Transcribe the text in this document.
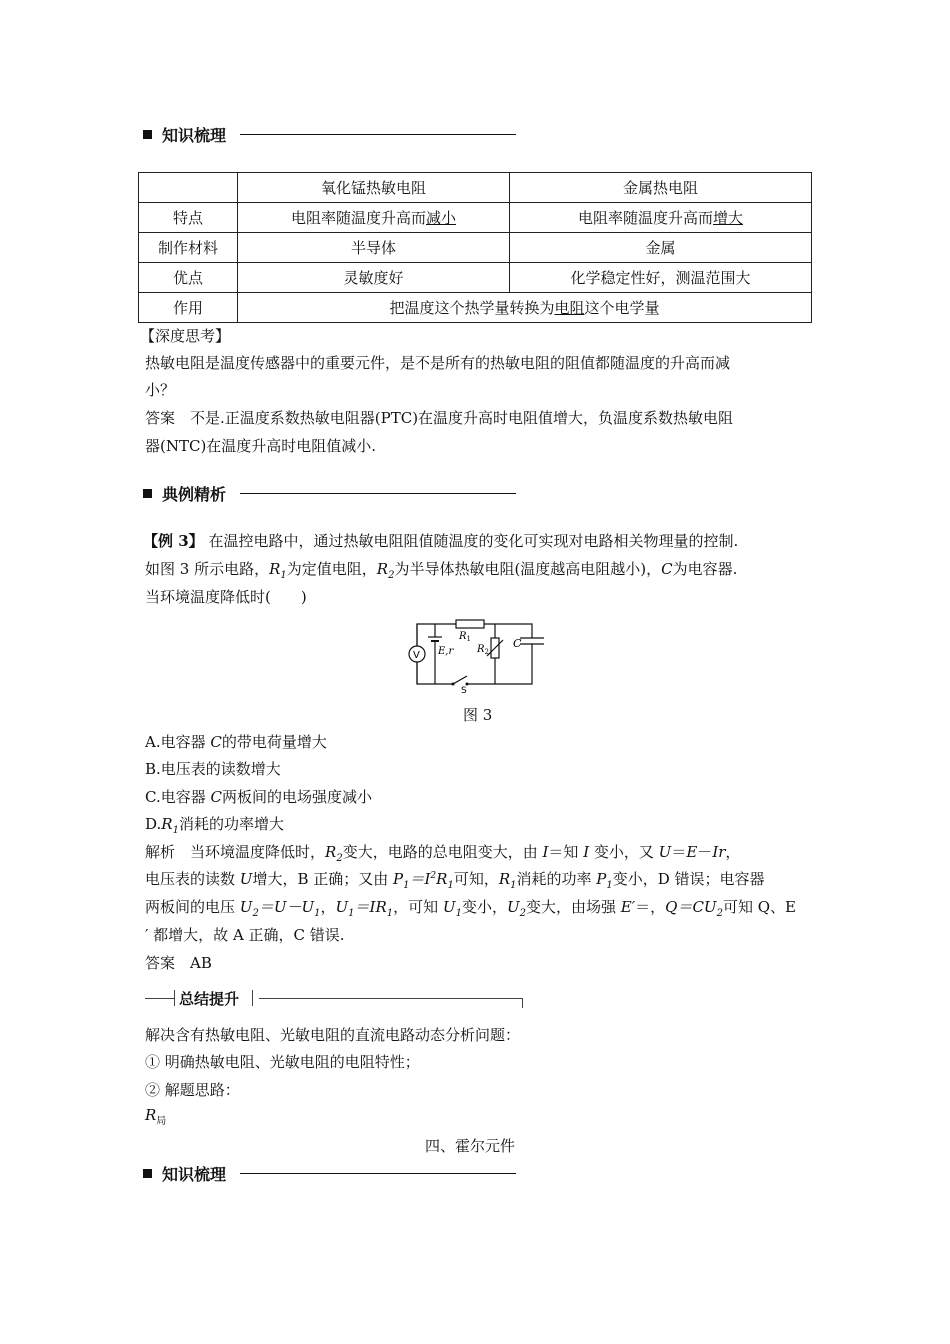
知识梳理
	氧化锰热敏电阻	金属热电阻
特点	电阻率随温度升高而减小	电阻率随温度升高而增大
制作材料	半导体	金属
优点	灵敏度好	化学稳定性好，测温范围大
作用	把温度这个热学量转换为电阻这个电学量	
【深度思考】
热敏电阻是温度传感器中的重要元件，是不是所有的热敏电阻的阻值都随温度的升高而减
小？
答案　不是.正温度系数热敏电阻器(PTC)在温度升高时电阻值增大，负温度系数热敏电阻
器(NTC)在温度升高时电阻值减小.
典例精析
【例 3】 在温控电路中，通过热敏电阻阻值随温度的变化可实现对电路相关物理量的控制.
如图 3 所示电路，$R_1$为定值电阻，$R_2$为半导体热敏电阻(温度越高电阻越小)，C为电容器.
当环境温度降低时(　　)
V
$R_1$
$R_2$
C
E,r
S
图 3
A.电容器 C的带电荷量增大
B.电压表的读数增大
C.电容器 C两板间的电场强度减小
$D.R_1$消耗的功率增大
解析　当环境温度降低时，$R_2$变大，电路的总电阻变大，由 I＝知 I 变小，又 U＝E－Ir，
电压表的读数 U增大，B 正确；又由 $P_1=I^2R_1$可知，$R_1$消耗的功率 $P_1$变小，D 错误；电容器
两板间的电压 $U_2=U-U_1$，$U_1=IR_1$，可知 $U_1$变小，$U_2$变大，由场强 E′＝，$Q=CU_2$可知 Q、E
′ 都增大，故 A 正确，C 错误.
答案　AB
总结提升
解决含有热敏电阻、光敏电阻的直流电路动态分析问题：
① 明确热敏电阻、光敏电阻的电阻特性；
② 解题思路：
$R_局$
四、霍尔元件
知识梳理
